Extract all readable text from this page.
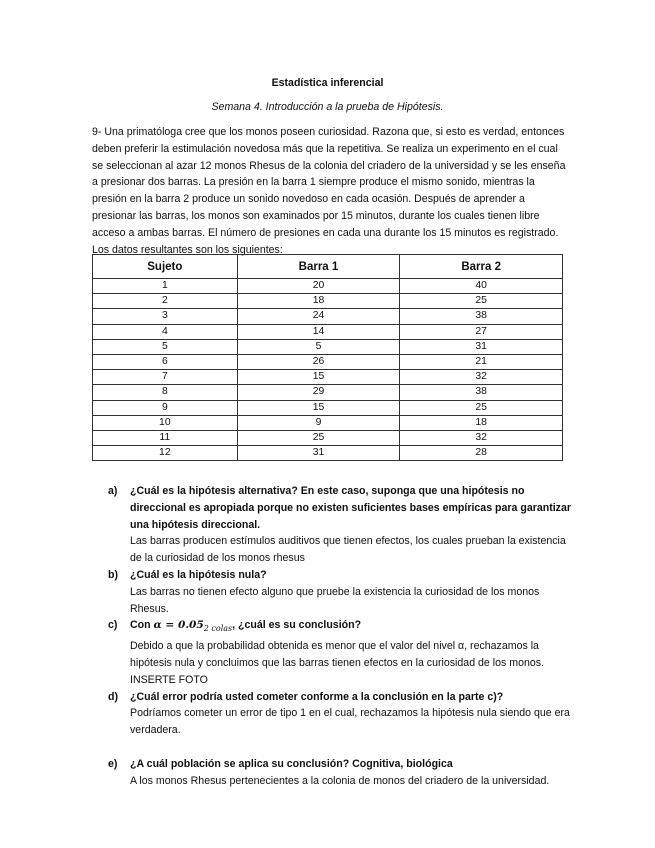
Estadística inferencial
Semana 4. Introducción a la prueba de Hipótesis.
9- Una primatóloga cree que los monos poseen curiosidad. Razona que, si esto es verdad, entonces deben preferir la estimulación novedosa más que la repetitiva. Se realiza un experimento en el cual se seleccionan al azar 12 monos Rhesus de la colonia del criadero de la universidad y se les enseña a presionar dos barras. La presión en la barra 1 siempre produce el mismo sonido, mientras la presión en la barra 2 produce un sonido novedoso en cada ocasión. Después de aprender a presionar las barras, los monos son examinados por 15 minutos, durante los cuales tienen libre acceso a ambas barras. El número de presiones en cada una durante los 15 minutos es registrado. Los datos resultantes son los siguientes:
Sujeto	Barra 1	Barra 2
1	20	40
2	18	25
3	24	38
4	14	27
5	5	31
6	26	21
7	15	32
8	29	38
9	15	25
10	9	18
11	25	32
12	31	28
a)	¿Cuál es la hipótesis alternativa? En este caso, suponga que una hipótesis no direccional es apropiada porque no existen suficientes bases empíricas para garantizar una hipótesis direccional.
Las barras producen estímulos auditivos que tienen efectos, los cuales prueban la existencia de la curiosidad de los monos rhesus
b)	¿Cuál es la hipótesis nula?
Las barras no tienen efecto alguno que pruebe la existencia la curiosidad de los monos Rhesus.
c)	Con $\alpha = 0.05_{2 colas}$, ¿cuál es su conclusión?
Debido a que la probabilidad obtenida es menor que el valor del nivel α, rechazamos la hipótesis nula y concluimos que las barras tienen efectos en la curiosidad de los monos.
INSERTE FOTO
d)	¿Cuál error podría usted cometer conforme a la conclusión en la parte c)?
Podríamos cometer un error de tipo 1 en el cual, rechazamos la hipótesis nula siendo que era verdadera.
e)	¿A cuál población se aplica su conclusión? Cognitiva, biológica
A los monos Rhesus pertenecientes a la colonia de monos del criadero de la universidad.
